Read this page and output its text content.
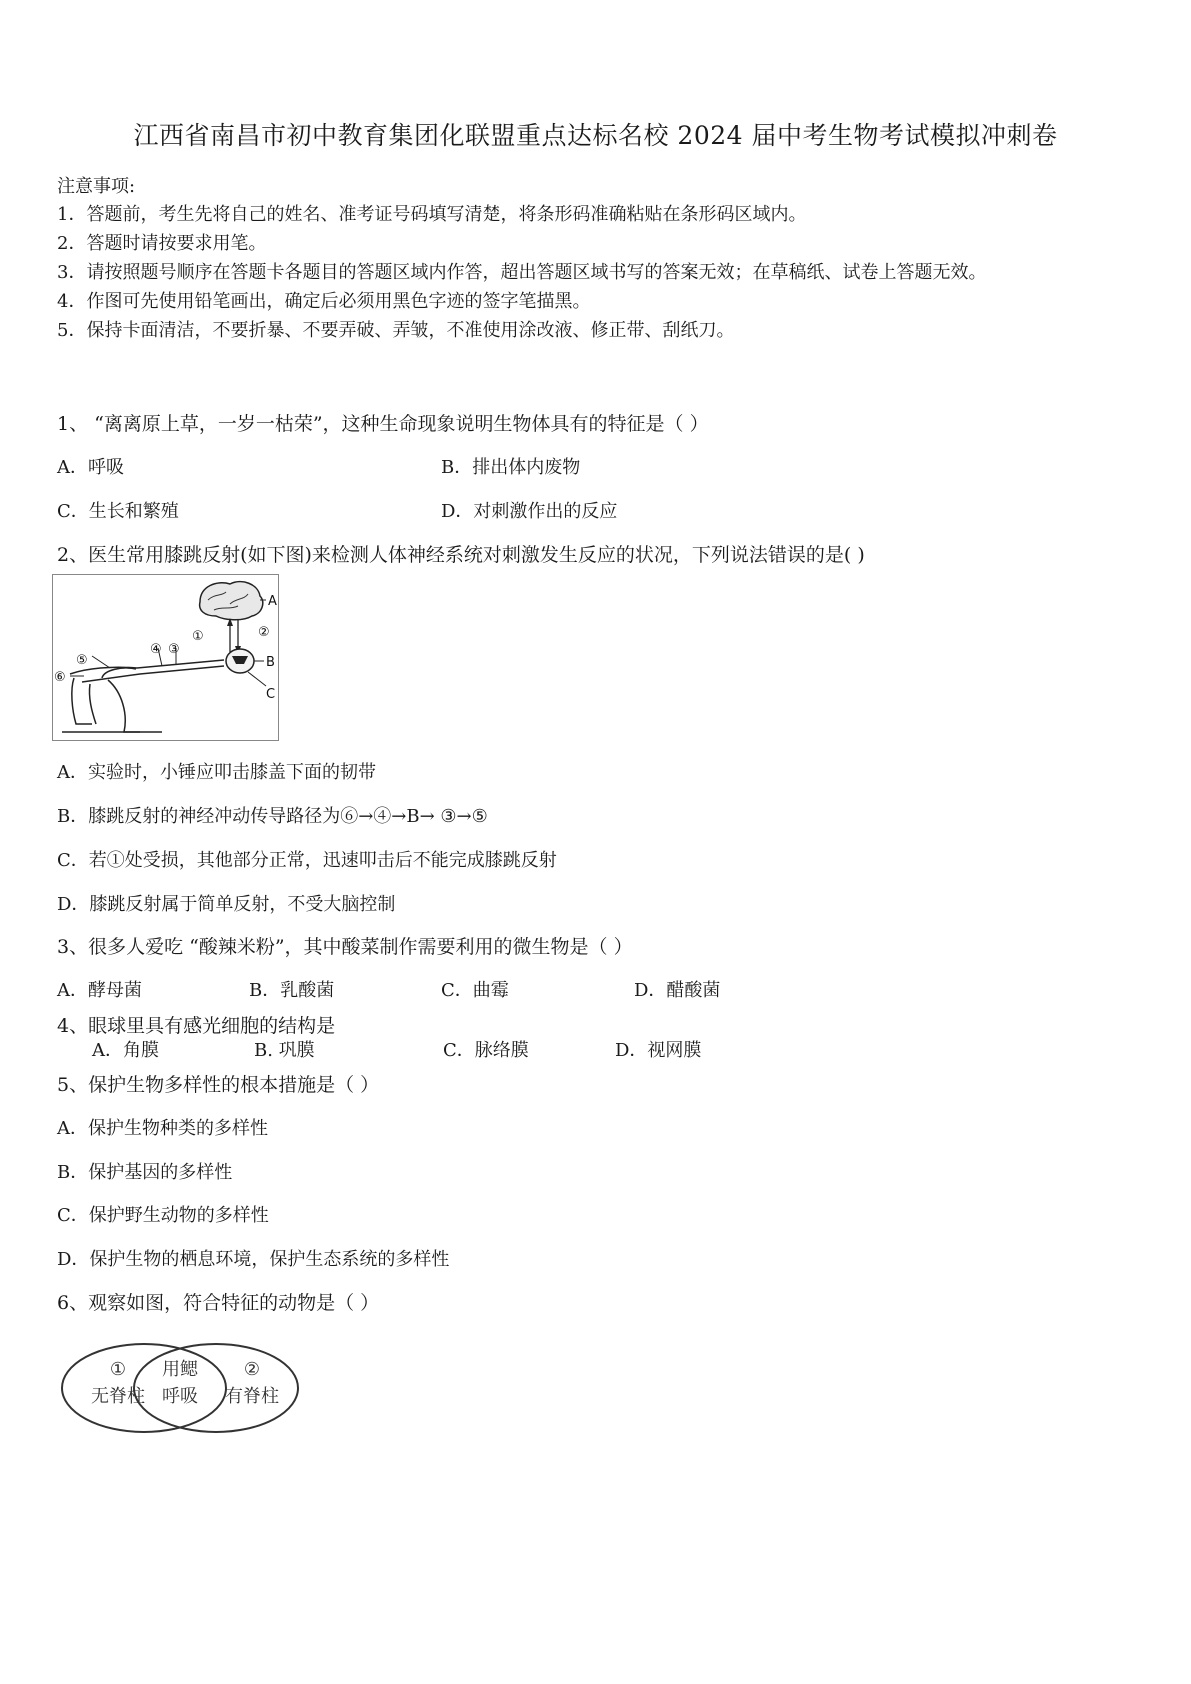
江西省南昌市初中教育集团化联盟重点达标名校 2024 届中考生物考试模拟冲刺卷
注意事项:
1．答题前，考生先将自己的姓名、准考证号码填写清楚，将条形码准确粘贴在条形码区域内。
2．答题时请按要求用笔。
3．请按照题号顺序在答题卡各题目的答题区域内作答，超出答题区域书写的答案无效；在草稿纸、试卷上答题无效。
4．作图可先使用铅笔画出，确定后必须用黑色字迹的签字笔描黑。
5．保持卡面清洁，不要折暴、不要弄破、弄皱，不准使用涂改液、修正带、刮纸刀。
1、 “离离原上草，一岁一枯荣”，这种生命现象说明生物体具有的特征是（ ）
A．呼吸	B．排出体内废物
C．生长和繁殖	D．对刺激作出的反应
2、医生常用膝跳反射(如下图)来检测人体神经系统对刺激发生反应的状况，下列说法错误的是( )
A
B
C
①	②
③
④
⑤
⑥
A．实验时，小锤应叩击膝盖下面的韧带
B．膝跳反射的神经冲动传导路径为⑥→④→B→ ③→⑤
C．若①处受损，其他部分正常，迅速叩击后不能完成膝跳反射
D．膝跳反射属于简单反射，不受大脑控制
3、很多人爱吃 “酸辣米粉”，其中酸菜制作需要利用的微生物是（ ）
A．酵母菌	B．乳酸菌	C．曲霉	D．醋酸菌
4、眼球里具有感光细胞的结构是
A．角膜	B. 巩膜	C．脉络膜	D．视网膜
5、保护生物多样性的根本措施是（ ）
A．保护生物种类的多样性
B．保护基因的多样性
C．保护野生动物的多样性
D．保护生物的栖息环境，保护生态系统的多样性
6、观察如图，符合特征的动物是（ ）
①
无脊柱
用鳃
呼吸
②
有脊柱
